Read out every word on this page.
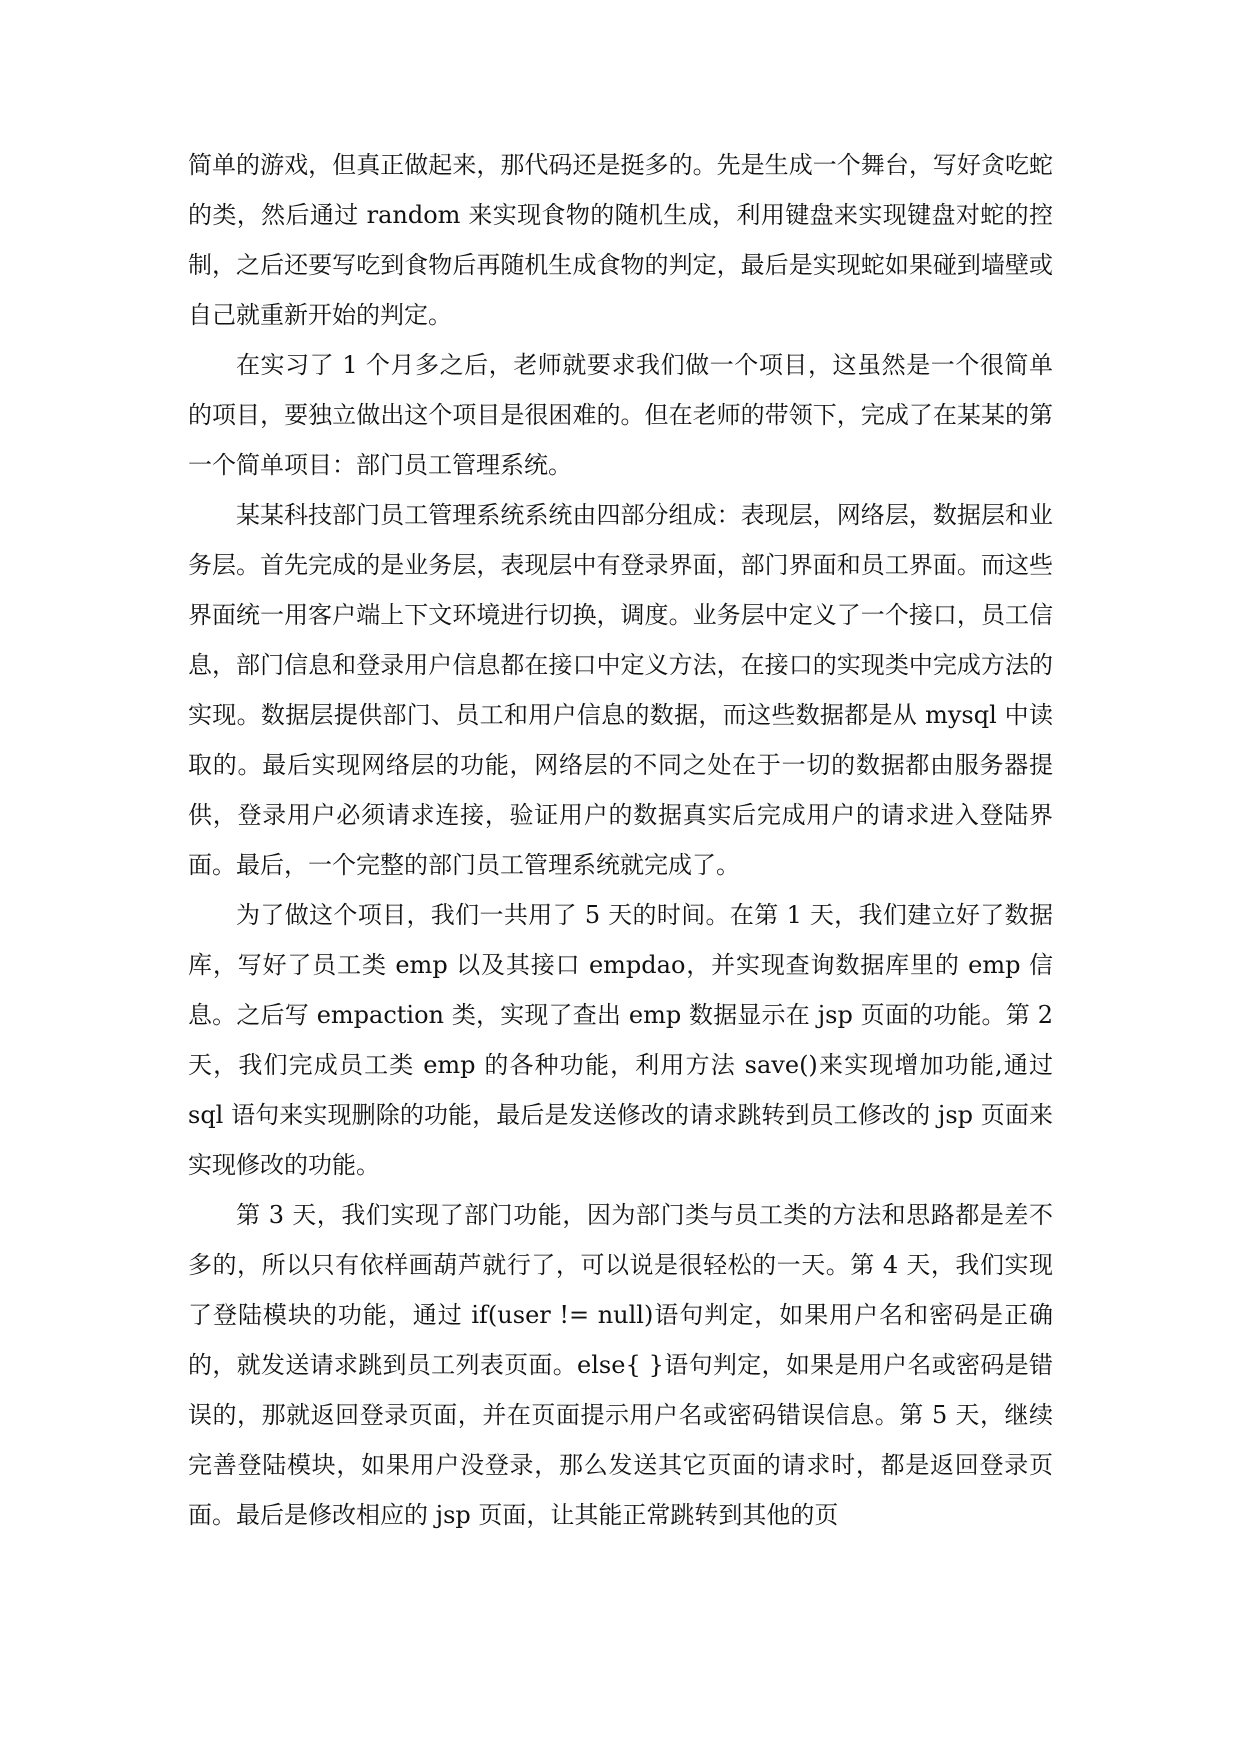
简单的游戏，但真正做起来，那代码还是挺多的。先是生成一个舞台，写好贪吃蛇的类，然后通过 random 来实现食物的随机生成，利用键盘来实现键盘对蛇的控制，之后还要写吃到食物后再随机生成食物的判定，最后是实现蛇如果碰到墙壁或自己就重新开始的判定。

在实习了 1 个月多之后，老师就要求我们做一个项目，这虽然是一个很简单的项目，要独立做出这个项目是很困难的。但在老师的带领下，完成了在某某的第一个简单项目：部门员工管理系统。

某某科技部门员工管理系统系统由四部分组成：表现层，网络层，数据层和业务层。首先完成的是业务层，表现层中有登录界面，部门界面和员工界面。而这些界面统一用客户端上下文环境进行切换，调度。业务层中定义了一个接口，员工信息，部门信息和登录用户信息都在接口中定义方法，在接口的实现类中完成方法的实现。数据层提供部门、员工和用户信息的数据，而这些数据都是从 mysql 中读取的。最后实现网络层的功能，网络层的不同之处在于一切的数据都由服务器提供，登录用户必须请求连接，验证用户的数据真实后完成用户的请求进入登陆界面。最后，一个完整的部门员工管理系统就完成了。

为了做这个项目，我们一共用了 5 天的时间。在第 1 天，我们建立好了数据库，写好了员工类 emp 以及其接口 empdao，并实现查询数据库里的 emp 信息。之后写 empaction 类，实现了查出 emp 数据显示在 jsp 页面的功能。第 2 天，我们完成员工类 emp 的各种功能，利用方法 save()来实现增加功能,通过 sql 语句来实现删除的功能，最后是发送修改的请求跳转到员工修改的 jsp 页面来实现修改的功能。

第 3 天，我们实现了部门功能，因为部门类与员工类的方法和思路都是差不多的，所以只有依样画葫芦就行了，可以说是很轻松的一天。第 4 天，我们实现了登陆模块的功能，通过 if(user != null)语句判定，如果用户名和密码是正确的，就发送请求跳到员工列表页面。else{ }语句判定，如果是用户名或密码是错误的，那就返回登录页面，并在页面提示用户名或密码错误信息。第 5 天，继续完善登陆模块，如果用户没登录，那么发送其它页面的请求时，都是返回登录页面。最后是修改相应的 jsp 页面，让其能正常跳转到其他的页
